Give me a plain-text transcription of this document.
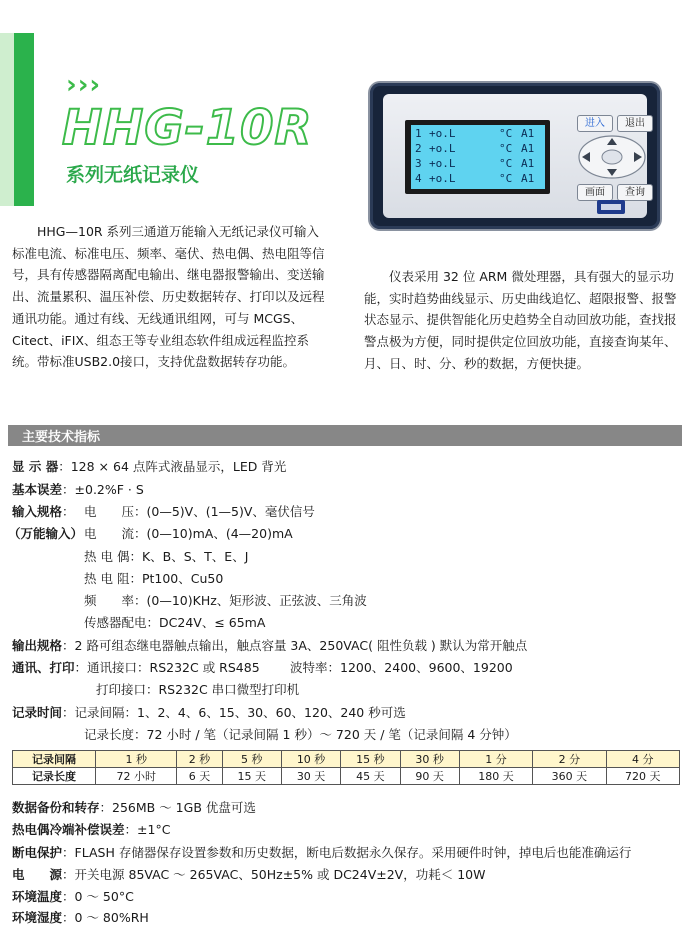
›››
HHG-10R
系列无纸记录仪
1 +o.L	°C A1
2 +o.L	°C A1
3 +o.L	°C A1
4 +o.L	°C A1
进入	退出
画面	查询

HHG—10R 系列三通道万能输入无纸记录仪可输入标准电流、标准电压、频率、毫伏、热电偶、热电阻等信号，具有传感器隔离配电输出、继电器报警输出、变送输出、流量累积、温压补偿、历史数据转存、打印以及远程通讯功能。通过有线、无线通讯组网，可与 MCGS、Citect、iFIX、组态王等专业组态软件组成远程监控系统。带标准USB2.0接口，支持优盘数据转存功能。

仪表采用 32 位 ARM 微处理器，具有强大的显示功能，实时趋势曲线显示、历史曲线追忆、超限报警、报警状态显示、提供智能化历史趋势全自动回放功能，查找报警点极为方便，同时提供定位回放功能，直接查询某年、月、日、时、分、秒的数据，方便快捷。

主要技术指标
显 示 器：128 × 64 点阵式液晶显示，LED 背光
基本误差：±0.2%F · S
输入规格：
（万能输入）
电　　压：(0—5)V、(1—5)V、毫伏信号
电　　流：(0—10)mA、(4—20)mA
热 电 偶：K、B、S、T、E、J
热 电 阻：Pt100、Cu50
频　　率：(0—10)KHz、矩形波、正弦波、三角波
传感器配电：DC24V、≤ 65mA
输出规格：2 路可组态继电器触点输出，触点容量 3A、250VAC( 阻性负载 ) 默认为常开触点
通讯、打印：通讯接口：RS232C 或 RS485 波特率：1200、2400、9600、19200
打印接口：RS232C 串口微型打印机
记录时间：记录间隔：1、2、4、6、15、30、60、120、240 秒可选
记录长度：72 小时 / 笔（记录间隔 1 秒）～ 720 天 / 笔（记录间隔 4 分钟）
记录间隔	1 秒	2 秒	5 秒	10 秒	15 秒	30 秒	1 分	2 分	4 分
记录长度	72 小时	6 天	15 天	30 天	45 天	90 天	180 天	360 天	720 天
数据备份和转存：256MB ～ 1GB 优盘可选
热电偶冷端补偿误差：±1°C
断电保护：FLASH 存储器保存设置参数和历史数据，断电后数据永久保存。采用硬件时钟，掉电后也能准确运行
电　　源：开关电源 85VAC ～ 265VAC、50Hz±5% 或 DC24V±2V，功耗＜ 10W
环境温度：0 ～ 50°C
环境湿度：0 ～ 80%RH
